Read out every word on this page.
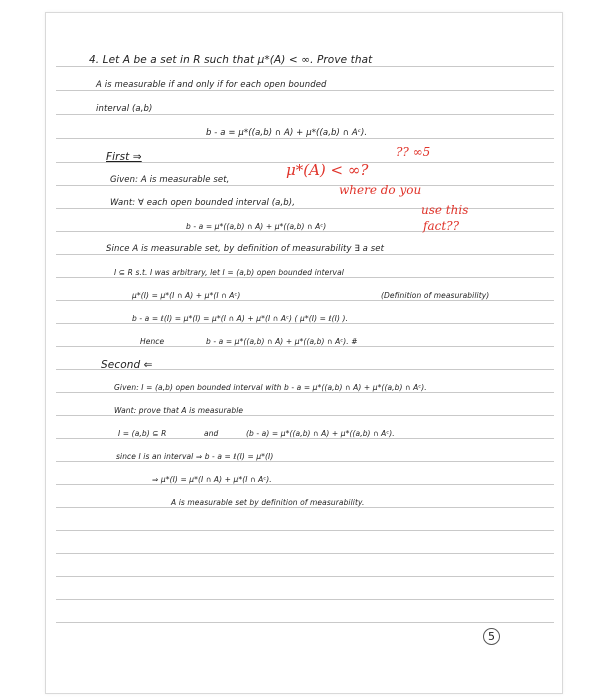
4. Let A be a set in R such that μ*(A) < ∞. Prove that
A is measurable if and only if for each open bounded
interval (a,b)
b - a = μ*((a,b) ∩ A) + μ*((a,b) ∩ Aᶜ).
First ⇒
Given: A is measurable set,
Want: ∀ each open bounded interval (a,b),
b - a = μ*((a,b) ∩ A) + μ*((a,b) ∩ Aᶜ)
Since A is measurable set, by definition of measurability ∃ a set
I ⊆ R s.t. I was arbitrary, let I = (a,b) open bounded interval
μ*(I) = μ*(I ∩ A) + μ*(I ∩ Aᶜ)	(Definition of measurability)
b - a = ℓ(I) = μ*(I) = μ*(I ∩ A) + μ*(I ∩ Aᶜ) ( μ*(I) = ℓ(I) ).
Hence	b - a = μ*((a,b) ∩ A) + μ*((a,b) ∩ Aᶜ). #
Second ⇐
Given: I = (a,b) open bounded interval with b - a = μ*((a,b) ∩ A) + μ*((a,b) ∩ Aᶜ).
Want: prove that A is measurable
I = (a,b) ⊆ R	and	(b - a) = μ*((a,b) ∩ A) + μ*((a,b) ∩ Aᶜ).
since I is an interval ⇒ b - a = ℓ(I) = μ*(I)
⇒ μ*(I) = μ*(I ∩ A) + μ*(I ∩ Aᶜ).
A is measurable set by definition of measurability.
μ*(A) < ∞?
?? ∞5
where do you
use this
fact??
5
